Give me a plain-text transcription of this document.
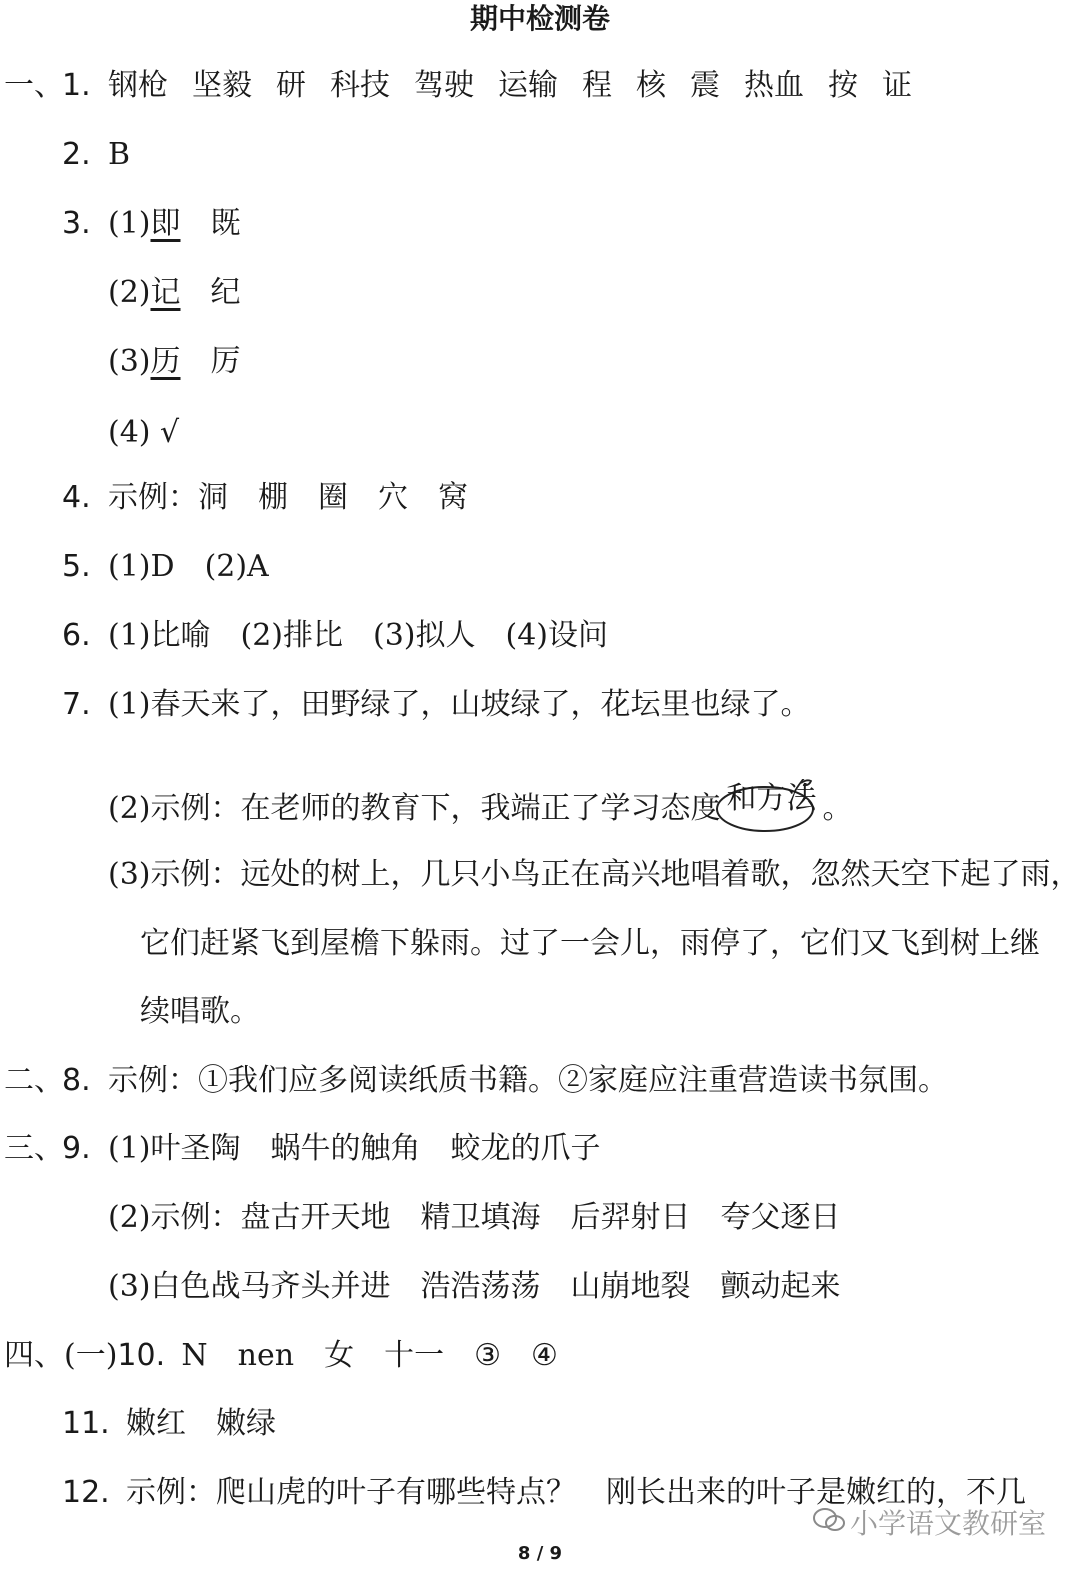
期中检测卷
一、1. 钢枪 坚毅 研 科技 驾驶 运输 程 核 震 热血 按 证
2. B
3. (1)即 既
(2)记 纪
(3)历 厉
(4) √
4. 示例：洞 棚 圈 穴 窝
5. (1)D (2)A
6. (1)比喻 (2)排比 (3)拟人 (4)设问
7. (1)春天来了，田野绿了，山坡绿了，花坛里也绿了。
(2)示例：在老师的教育下，我端正了学习态度 和方法 。
(3)示例：远处的树上，几只小鸟正在高兴地唱着歌，忽然天空下起了雨，
它们赶紧飞到屋檐下躲雨。过了一会儿，雨停了，它们又飞到树上继
续唱歌。
二、8. 示例：①我们应多阅读纸质书籍。②家庭应注重营造读书氛围。
三、9. (1)叶圣陶 蜗牛的触角 蛟龙的爪子
(2)示例：盘古开天地 精卫填海 后羿射日 夸父逐日
(3)白色战马齐头并进 浩浩荡荡 山崩地裂 颤动起来
四、(一)10. N nen 女 十一 ③ ④
11. 嫩红 嫩绿
12. 示例：爬山虎的叶子有哪些特点？ 刚长出来的叶子是嫩红的，不几
小学语文教研室
8 / 9
